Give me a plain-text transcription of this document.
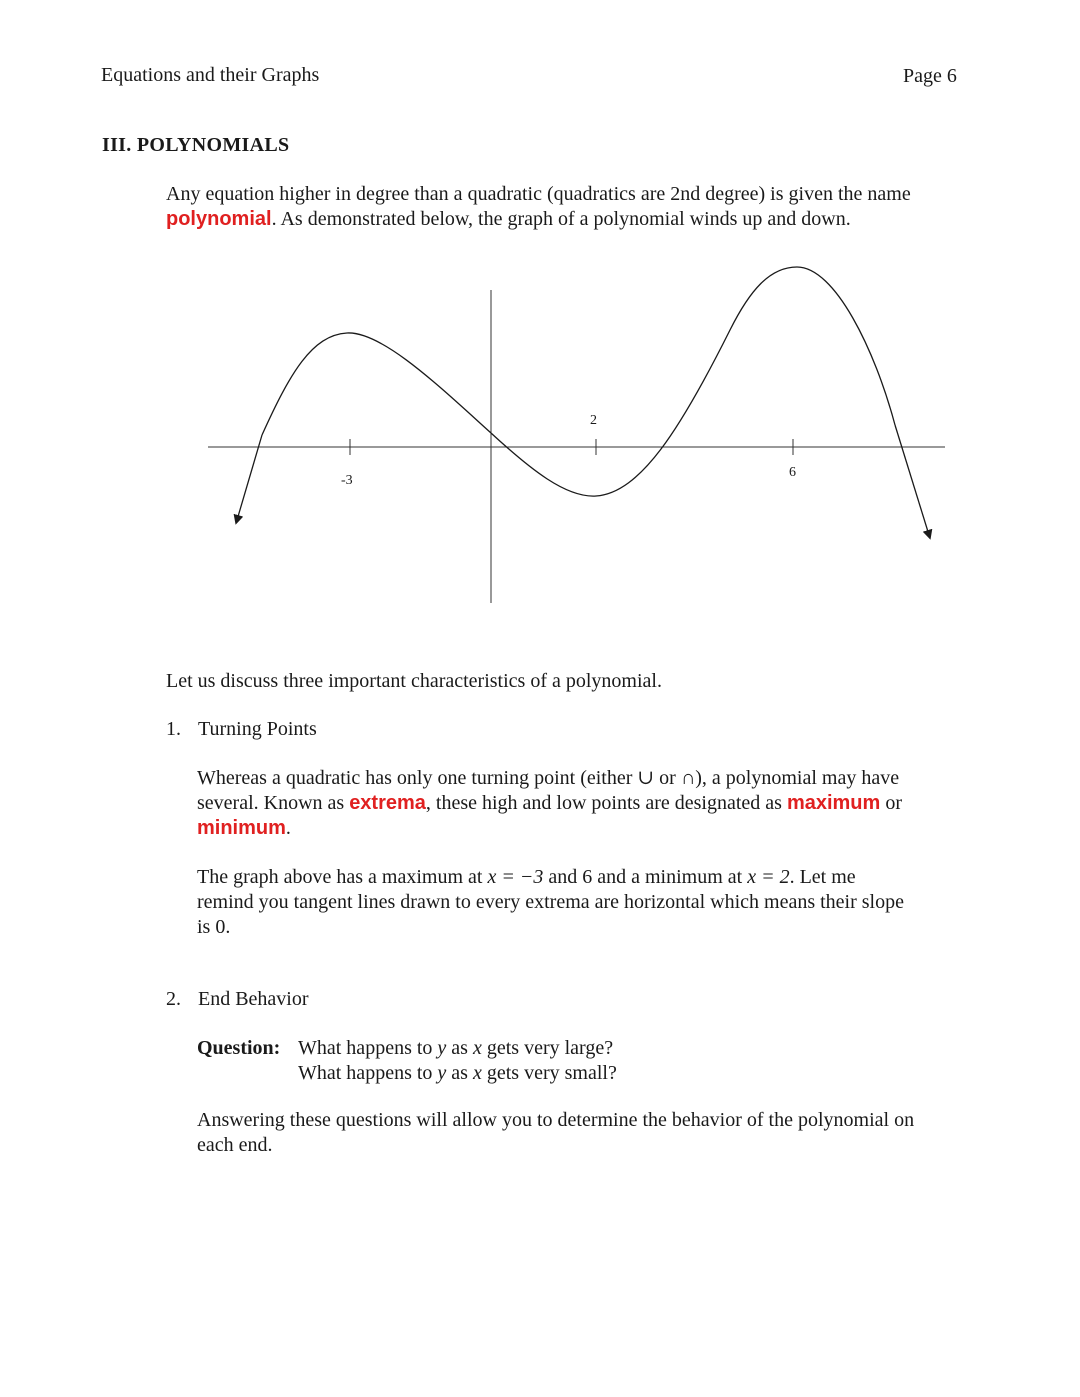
Equations and their Graphs	Page 6
III. POLYNOMIALS
Any equation higher in degree than a quadratic (quadratics are 2nd degree) is given the name
polynomial. As demonstrated below, the graph of a polynomial winds up and down.
-3
2
6
Let us discuss three important characteristics of a polynomial.
1. Turning Points
Whereas a quadratic has only one turning point (either ∪ or ∩), a polynomial may have
several. Known as extrema, these high and low points are designated as maximum or
minimum.
The graph above has a maximum at x = −3 and 6 and a minimum at x = 2. Let me
remind you tangent lines drawn to every extrema are horizontal which means their slope
is 0.
2. End Behavior
Question: What happens to y as x gets very large?
What happens to y as x gets very small?
Answering these questions will allow you to determine the behavior of the polynomial on
each end.
